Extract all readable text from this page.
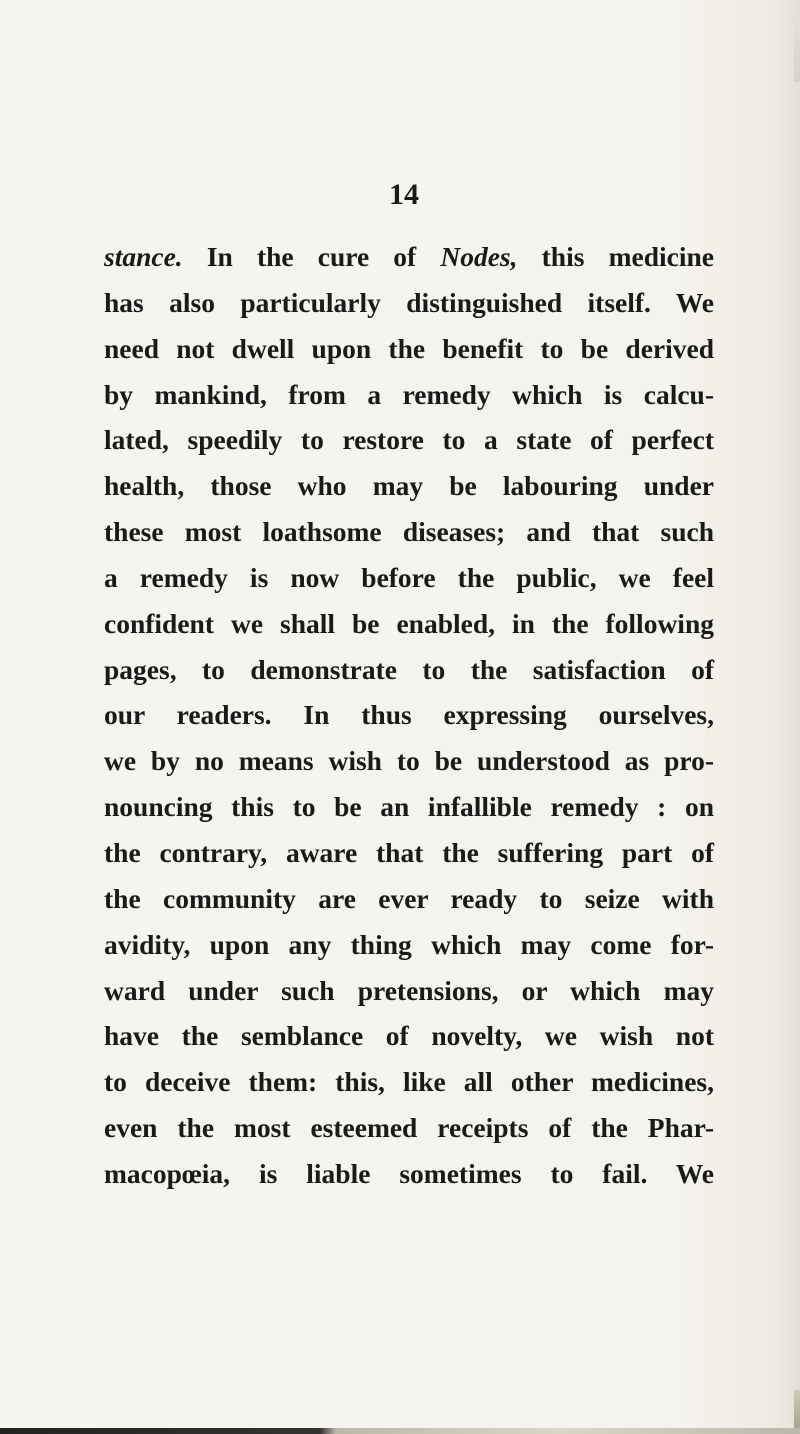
14
stance. In the cure of Nodes, this medicine
has also particularly distinguished itself. We
need not dwell upon the benefit to be derived
by mankind, from a remedy which is calcu-
lated, speedily to restore to a state of perfect
health, those who may be labouring under
these most loathsome diseases; and that such
a remedy is now before the public, we feel
confident we shall be enabled, in the following
pages, to demonstrate to the satisfaction of
our readers. In thus expressing ourselves,
we by no means wish to be understood as pro-
nouncing this to be an infallible remedy : on
the contrary, aware that the suffering part of
the community are ever ready to seize with
avidity, upon any thing which may come for-
ward under such pretensions, or which may
have the semblance of novelty, we wish not
to deceive them: this, like all other medicines,
even the most esteemed receipts of the Phar-
macopœia, is liable sometimes to fail. We
